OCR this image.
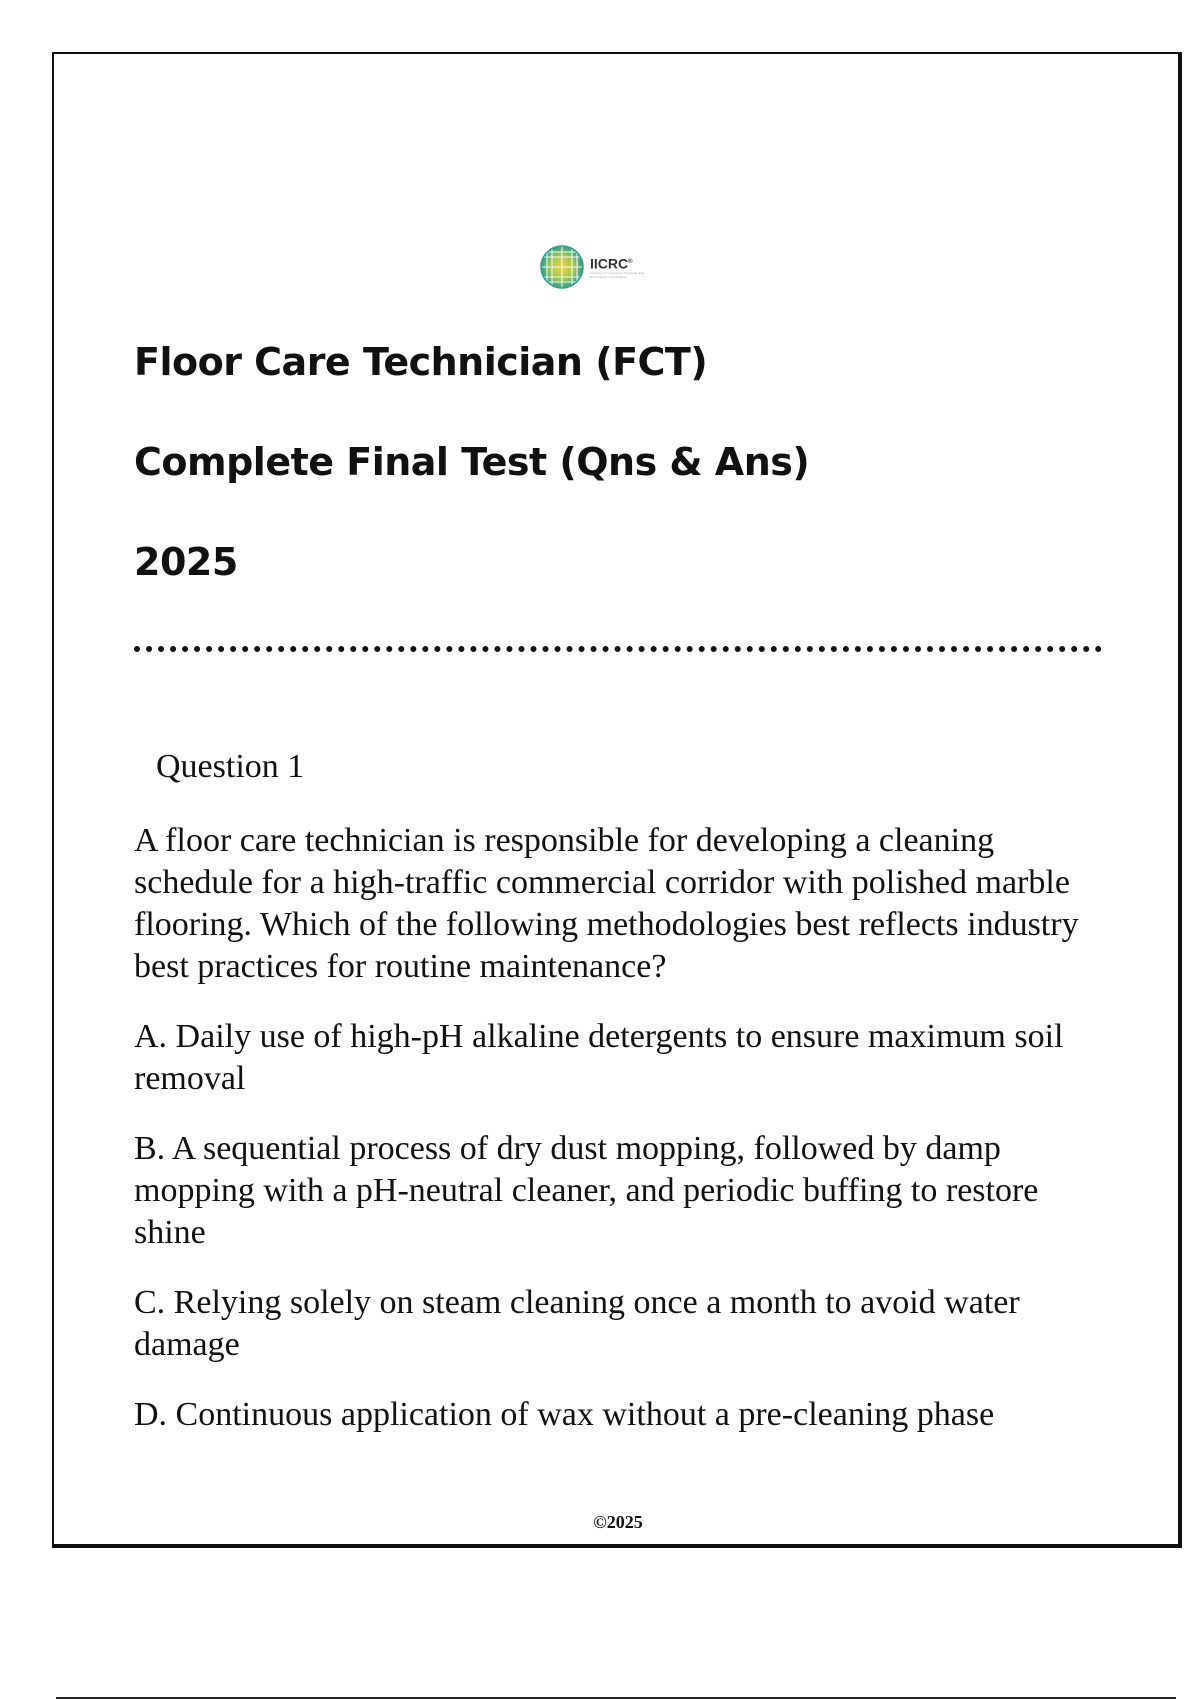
IICRC®
Institute of Inspection Cleaning and Restoration Certification
Floor Care Technician (FCT)
Complete Final Test (Qns & Ans)
2025
Question 1

A floor care technician is responsible for developing a cleaning schedule for a high-traffic commercial corridor with polished marble flooring. Which of the following methodologies best reflects industry best practices for routine maintenance?

A. Daily use of high-pH alkaline detergents to ensure maximum soil removal

B. A sequential process of dry dust mopping, followed by damp mopping with a pH-neutral cleaner, and periodic buffing to restore shine

C. Relying solely on steam cleaning once a month to avoid water damage

D. Continuous application of wax without a pre-cleaning phase

©2025
